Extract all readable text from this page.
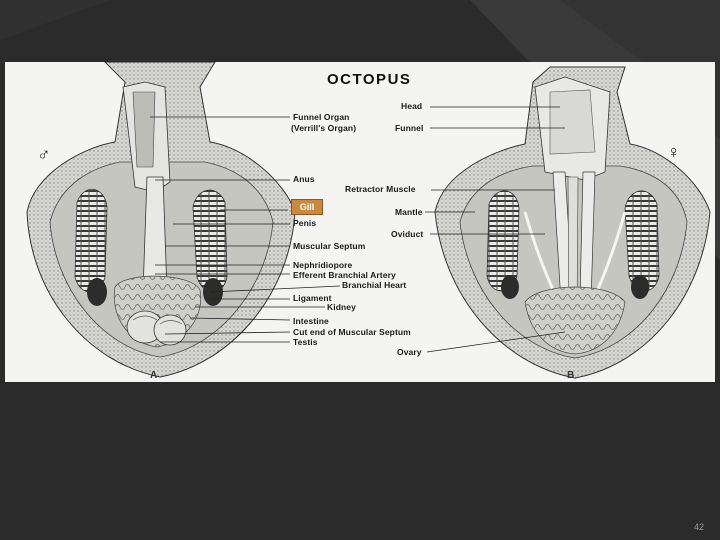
OCTOPUS
♂	♀
Gill
Funnel Organ
(Verrill's Organ)
Anus
Penis
Muscular Septum
Nephridiopore
Efferent Branchial Artery
Branchial Heart
Ligament
Kidney
Intestine
Cut end of Muscular Septum
Testis
Head
Funnel
Retractor Muscle
Mantle
Oviduct
Ovary
A	B
42
